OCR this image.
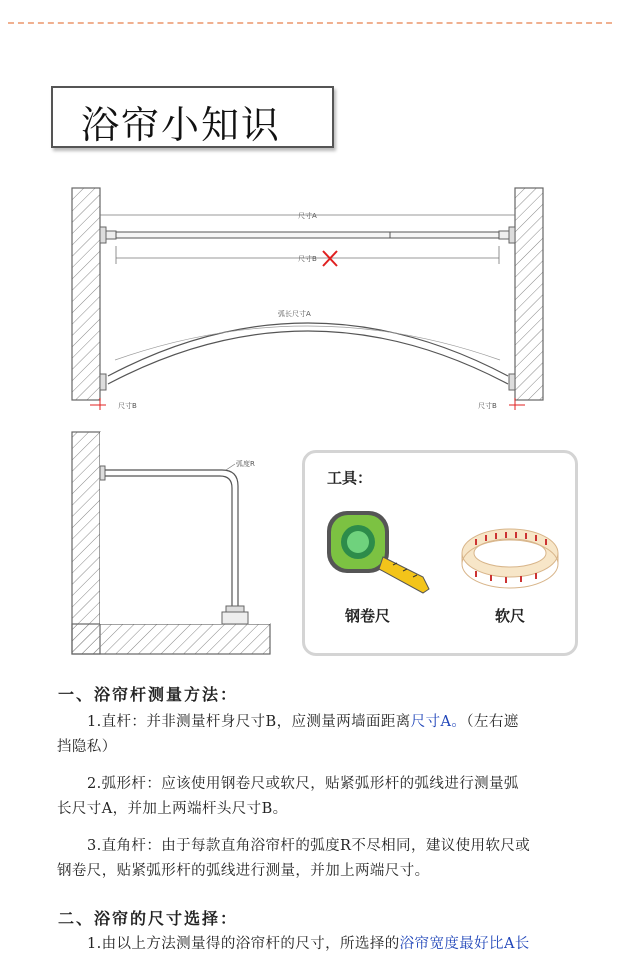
浴帘小知识
尺寸A
尺寸B
弧长尺寸A
尺寸B	尺寸B
弧度R
工具：
钢卷尺	软尺
一、浴帘杆测量方法：
1.直杆：并非测量杆身尺寸B，应测量两墙面距离尺寸A。（左右遮
挡隐私）
2.弧形杆：应该使用钢卷尺或软尺，贴紧弧形杆的弧线进行测量弧
长尺寸A，并加上两端杆头尺寸B。
3.直角杆：由于每款直角浴帘杆的弧度R不尽相同，建议使用软尺或
钢卷尺，贴紧弧形杆的弧线进行测量，并加上两端尺寸。
二、浴帘的尺寸选择：
1.由以上方法测量得的浴帘杆的尺寸，所选择的浴帘宽度最好比A长
